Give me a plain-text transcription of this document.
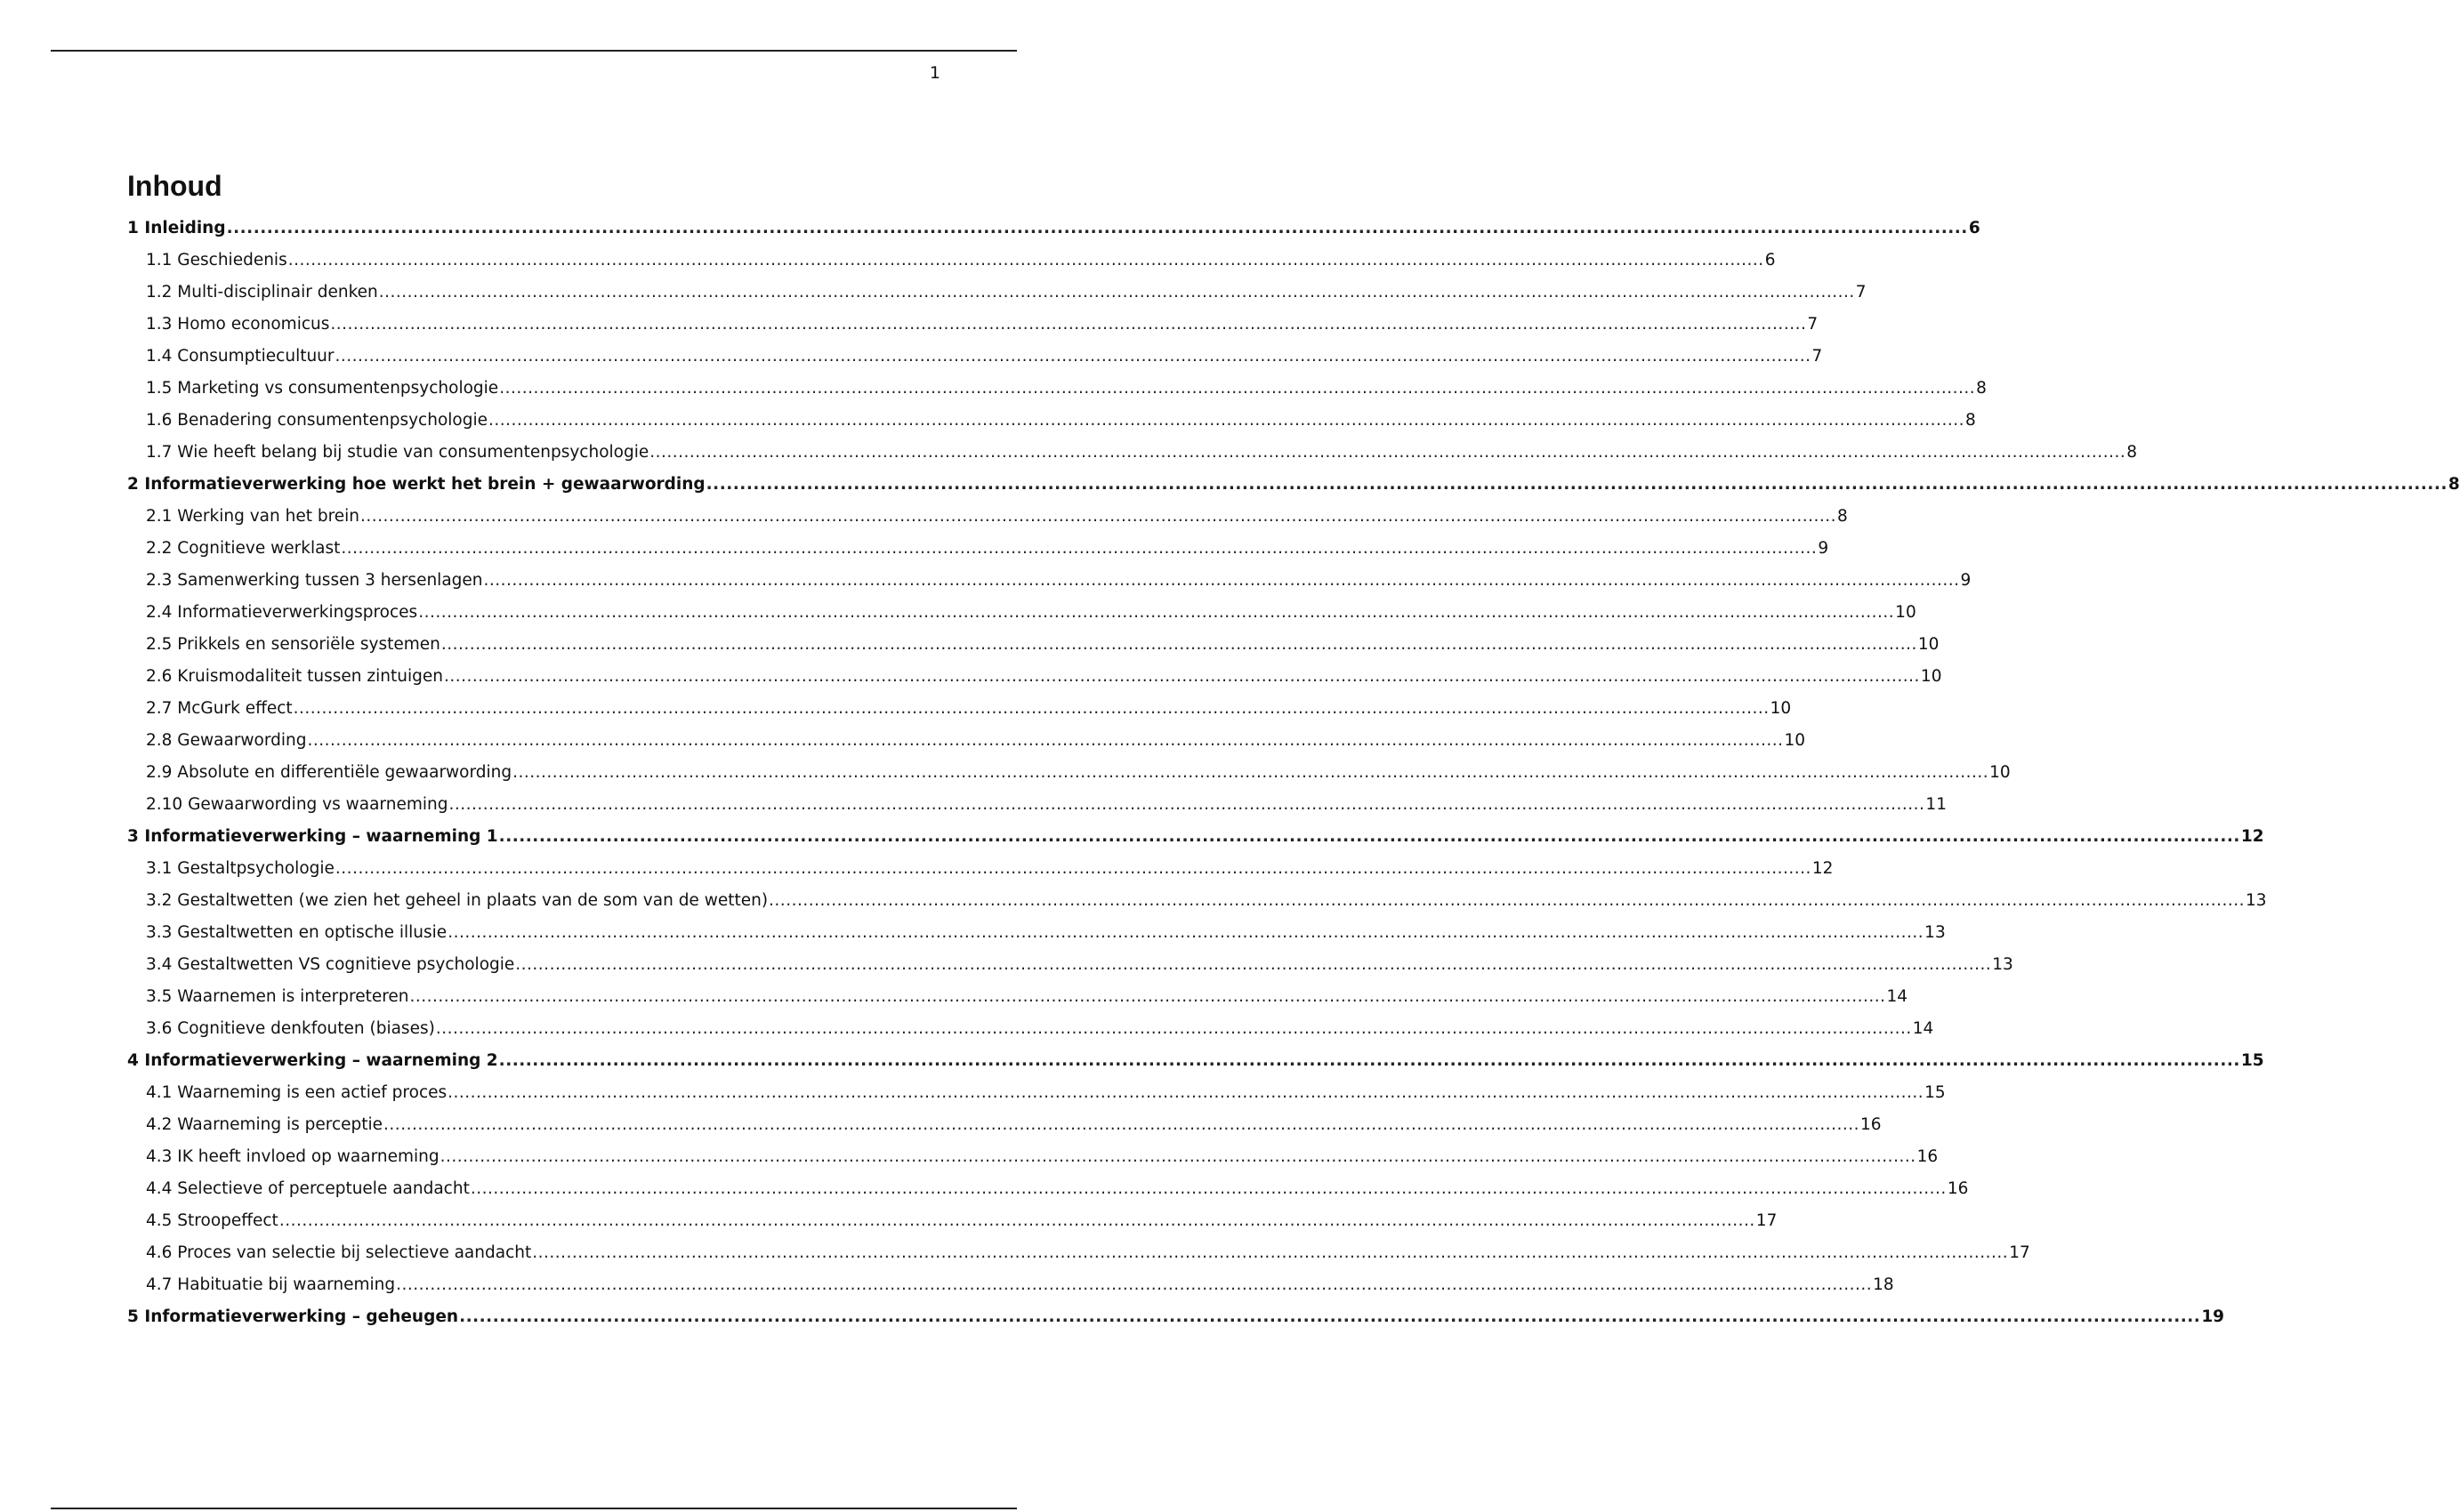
1
Inhoud
1 Inleiding .................................................................................................................................................................................................................................................................... 6
1.1 Geschiedenis .................................................................................................................................................................................................................................................................... 6
1.2 Multi-disciplinair denken .................................................................................................................................................................................................................................................................... 7
1.3 Homo economicus .................................................................................................................................................................................................................................................................... 7
1.4 Consumptiecultuur .................................................................................................................................................................................................................................................................... 7
1.5 Marketing vs consumentenpsychologie .................................................................................................................................................................................................................................................................... 8
1.6 Benadering consumentenpsychologie .................................................................................................................................................................................................................................................................... 8
1.7 Wie heeft belang bij studie van consumentenpsychologie .................................................................................................................................................................................................................................................................... 8
2 Informatieverwerking hoe werkt het brein + gewaarwording .................................................................................................................................................................................................................................................................... 8
2.1 Werking van het brein .................................................................................................................................................................................................................................................................... 8
2.2 Cognitieve werklast .................................................................................................................................................................................................................................................................... 9
2.3 Samenwerking tussen 3 hersenlagen .................................................................................................................................................................................................................................................................... 9
2.4 Informatieverwerkingsproces .................................................................................................................................................................................................................................................................... 10
2.5 Prikkels en sensoriële systemen .................................................................................................................................................................................................................................................................... 10
2.6 Kruismodaliteit tussen zintuigen .................................................................................................................................................................................................................................................................... 10
2.7 McGurk effect .................................................................................................................................................................................................................................................................... 10
2.8 Gewaarwording .................................................................................................................................................................................................................................................................... 10
2.9 Absolute en differentiële gewaarwording .................................................................................................................................................................................................................................................................... 10
2.10 Gewaarwording vs waarneming .................................................................................................................................................................................................................................................................... 11
3 Informatieverwerking – waarneming 1 .................................................................................................................................................................................................................................................................... 12
3.1 Gestaltpsychologie .................................................................................................................................................................................................................................................................... 12
3.2 Gestaltwetten (we zien het geheel in plaats van de som van de wetten) .................................................................................................................................................................................................................................................................... 13
3.3 Gestaltwetten en optische illusie .................................................................................................................................................................................................................................................................... 13
3.4 Gestaltwetten VS cognitieve psychologie .................................................................................................................................................................................................................................................................... 13
3.5 Waarnemen is interpreteren .................................................................................................................................................................................................................................................................... 14
3.6 Cognitieve denkfouten (biases) .................................................................................................................................................................................................................................................................... 14
4 Informatieverwerking – waarneming 2 .................................................................................................................................................................................................................................................................... 15
4.1 Waarneming is een actief proces .................................................................................................................................................................................................................................................................... 15
4.2 Waarneming is perceptie .................................................................................................................................................................................................................................................................... 16
4.3 IK heeft invloed op waarneming .................................................................................................................................................................................................................................................................... 16
4.4 Selectieve of perceptuele aandacht .................................................................................................................................................................................................................................................................... 16
4.5 Stroopeffect .................................................................................................................................................................................................................................................................... 17
4.6 Proces van selectie bij selectieve aandacht .................................................................................................................................................................................................................................................................... 17
4.7 Habituatie bij waarneming .................................................................................................................................................................................................................................................................... 18
5 Informatieverwerking – geheugen .................................................................................................................................................................................................................................................................... 19
